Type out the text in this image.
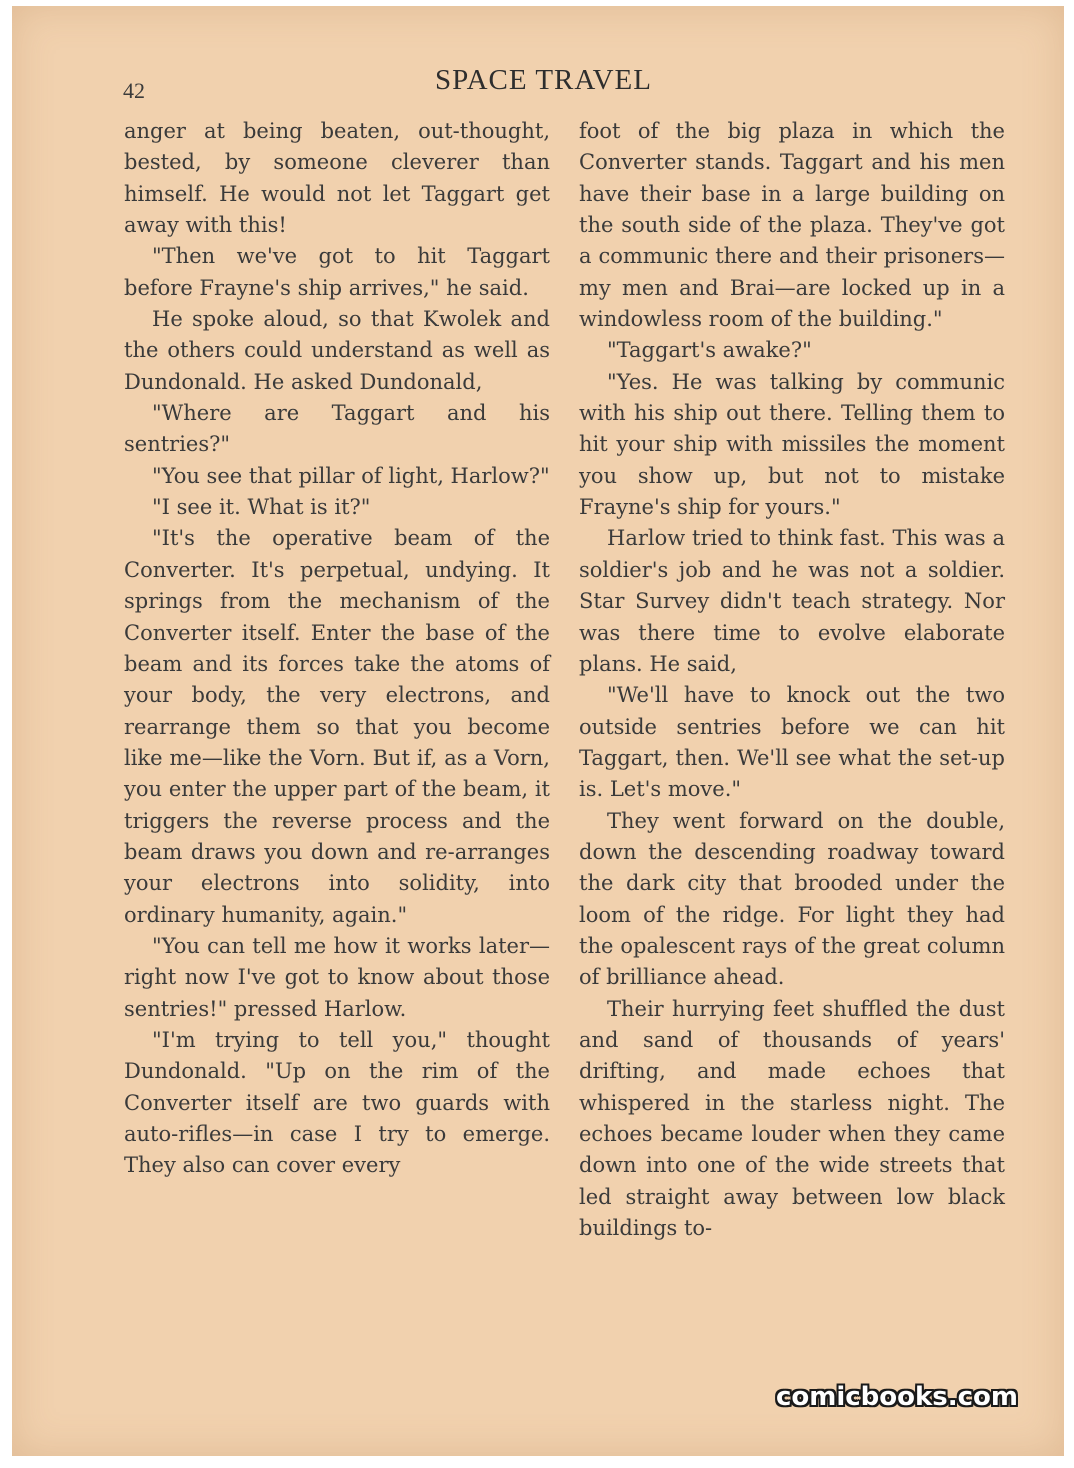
42	SPACE TRAVEL

anger at being beaten, out-thought, bested, by someone cleverer than himself. He would not let Taggart get away with this!

"Then we've got to hit Taggart before Frayne's ship arrives," he said.

He spoke aloud, so that Kwolek and the others could understand as well as Dundonald. He asked Dundonald,

"Where are Taggart and his sentries?"

"You see that pillar of light, Harlow?"

"I see it. What is it?"

"It's the operative beam of the Converter. It's perpetual, undying. It springs from the mechanism of the Converter itself. Enter the base of the beam and its forces take the atoms of your body, the very electrons, and rearrange them so that you become like me—like the Vorn. But if, as a Vorn, you enter the upper part of the beam, it triggers the reverse process and the beam draws you down and re-arranges your electrons into solidity, into ordinary humanity, again."

"You can tell me how it works later—right now I've got to know about those sentries!" pressed Harlow.

"I'm trying to tell you," thought Dundonald. "Up on the rim of the Converter itself are two guards with auto-rifles—in case I try to emerge. They also can cover every

foot of the big plaza in which the Converter stands. Taggart and his men have their base in a large building on the south side of the plaza. They've got a communic there and their prisoners—my men and Brai—are locked up in a windowless room of the building."

"Taggart's awake?"

"Yes. He was talking by communic with his ship out there. Telling them to hit your ship with missiles the moment you show up, but not to mistake Frayne's ship for yours."

Harlow tried to think fast. This was a soldier's job and he was not a soldier. Star Survey didn't teach strategy. Nor was there time to evolve elaborate plans. He said,

"We'll have to knock out the two outside sentries before we can hit Taggart, then. We'll see what the set-up is. Let's move."

They went forward on the double, down the descending roadway toward the dark city that brooded under the loom of the ridge. For light they had the opalescent rays of the great column of brilliance ahead.

Their hurrying feet shuffled the dust and sand of thousands of years' drifting, and made echoes that whispered in the starless night. The echoes became louder when they came down into one of the wide streets that led straight away between low black buildings to-

comicbooks.com
